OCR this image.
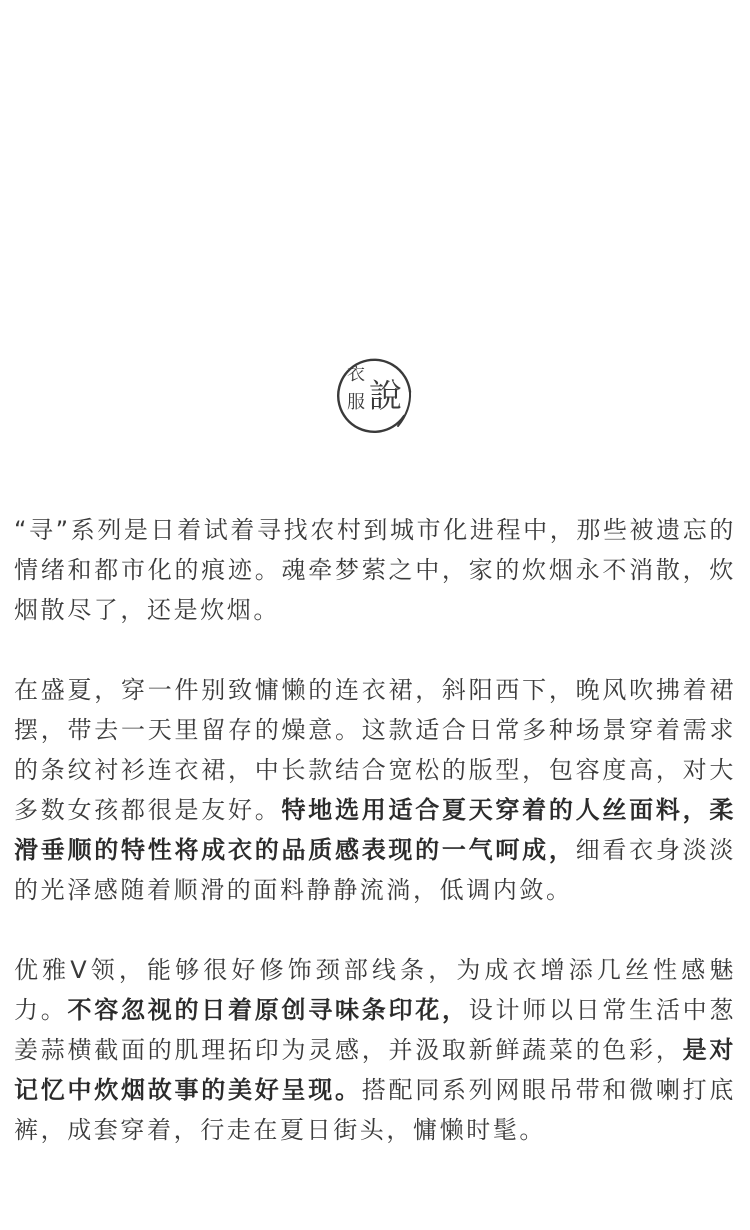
衣
服 說

“寻”系列是日着试着寻找农村到城市化进程中，那些被遗忘的情绪和都市化的痕迹。魂牵梦萦之中，家的炊烟永不消散，炊烟散尽了，还是炊烟。

在盛夏，穿一件别致慵懒的连衣裙，斜阳西下，晚风吹拂着裙摆，带去一天里留存的燥意。这款适合日常多种场景穿着需求的条纹衬衫连衣裙，中长款结合宽松的版型，包容度高，对大多数女孩都很是友好。特地选用适合夏天穿着的人丝面料，柔滑垂顺的特性将成衣的品质感表现的一气呵成，细看衣身淡淡的光泽感随着顺滑的面料静静流淌，低调内敛。

优雅V领，能够很好修饰颈部线条，为成衣增添几丝性感魅力。不容忽视的日着原创寻味条印花，设计师以日常生活中葱姜蒜横截面的肌理拓印为灵感，并汲取新鲜蔬菜的色彩，是对记忆中炊烟故事的美好呈现。搭配同系列网眼吊带和微喇打底裤，成套穿着，行走在夏日街头，慵懒时髦。
